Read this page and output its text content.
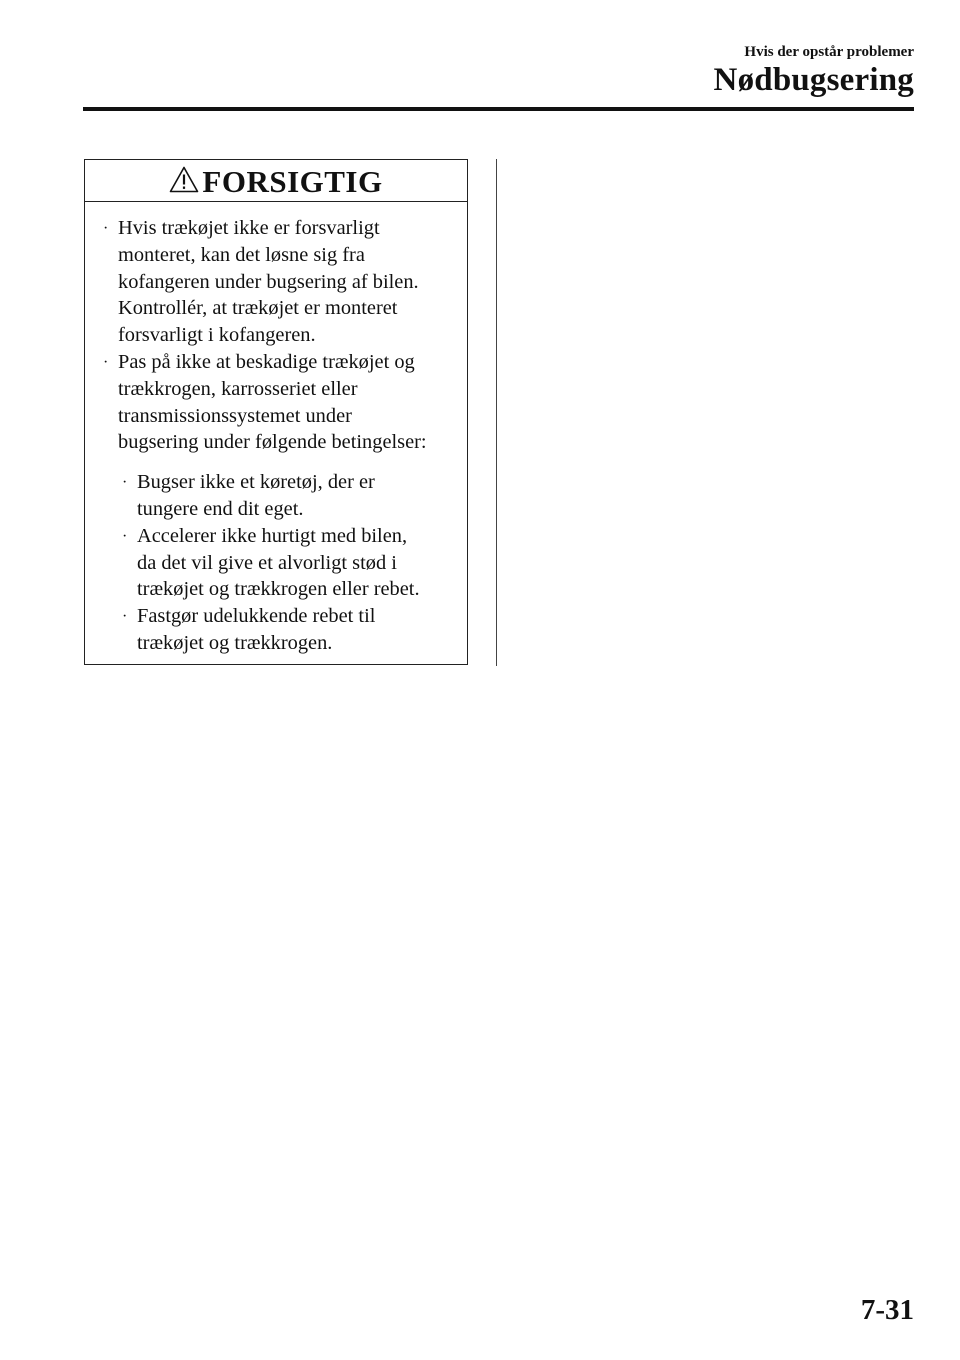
Hvis der opstår problemer
Nødbugsering
FORSIGTIG
· Hvis trækøjet ikke er forsvarligt
monteret, kan det løsne sig fra
kofangeren under bugsering af bilen.
Kontrollér, at trækøjet er monteret
forsvarligt i kofangeren.
· Pas på ikke at beskadige trækøjet og
trækkrogen, karrosseriet eller
transmissionssystemet under
bugsering under følgende betingelser:
· Bugser ikke et køretøj, der er
tungere end dit eget.
· Accelerer ikke hurtigt med bilen,
da det vil give et alvorligt stød i
trækøjet og trækkrogen eller rebet.
· Fastgør udelukkende rebet til
trækøjet og trækkrogen.
7-31
